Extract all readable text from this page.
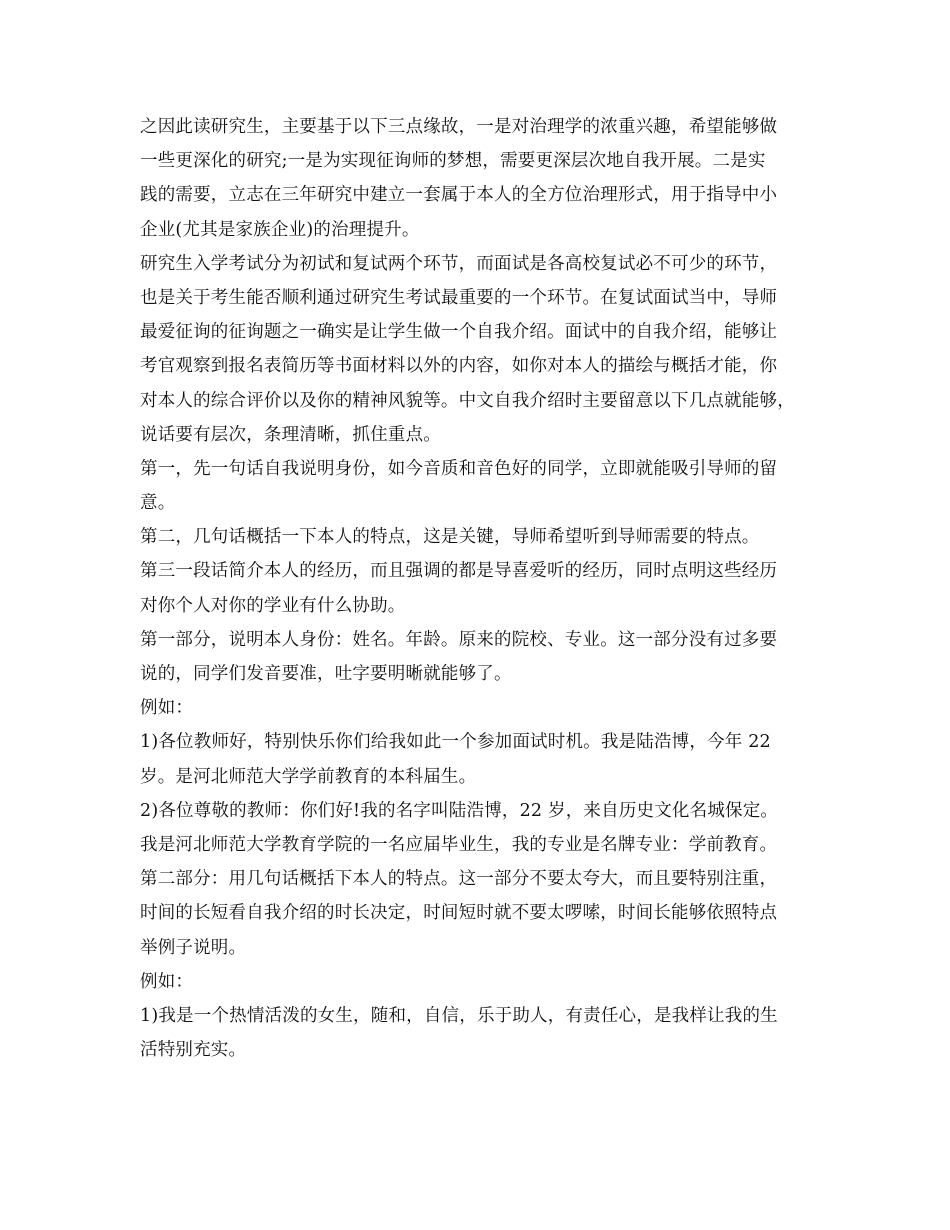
之因此读研究生，主要基于以下三点缘故，一是对治理学的浓重兴趣，希望能够做
一些更深化的研究;一是为实现征询师的梦想，需要更深层次地自我开展。二是实
践的需要，立志在三年研究中建立一套属于本人的全方位治理形式，用于指导中小
企业(尤其是家族企业)的治理提升。
研究生入学考试分为初试和复试两个环节，而面试是各高校复试必不可少的环节，
也是关于考生能否顺利通过研究生考试最重要的一个环节。在复试面试当中，导师
最爱征询的征询题之一确实是让学生做一个自我介绍。面试中的自我介绍，能够让
考官观察到报名表简历等书面材料以外的内容，如你对本人的描绘与概括才能，你
对本人的综合评价以及你的精神风貌等。中文自我介绍时主要留意以下几点就能够，
说话要有层次，条理清晰，抓住重点。
第一，先一句话自我说明身份，如今音质和音色好的同学，立即就能吸引导师的留
意。
第二，几句话概括一下本人的特点，这是关键，导师希望听到导师需要的特点。
第三一段话简介本人的经历，而且强调的都是导喜爱听的经历，同时点明这些经历
对你个人对你的学业有什么协助。
第一部分，说明本人身份：姓名。年龄。原来的院校、专业。这一部分没有过多要
说的，同学们发音要准，吐字要明晰就能够了。
例如：
1)各位教师好，特别快乐你们给我如此一个参加面试时机。我是陆浩博，今年 22
岁。是河北师范大学学前教育的本科届生。
2)各位尊敬的教师：你们好!我的名字叫陆浩博，22 岁，来自历史文化名城保定。
我是河北师范大学教育学院的一名应届毕业生，我的专业是名牌专业：学前教育。
第二部分：用几句话概括下本人的特点。这一部分不要太夸大，而且要特别注重，
时间的长短看自我介绍的时长决定，时间短时就不要太啰嗦，时间长能够依照特点
举例子说明。
例如：
1)我是一个热情活泼的女生，随和，自信，乐于助人，有责任心，是我样让我的生
活特别充实。
